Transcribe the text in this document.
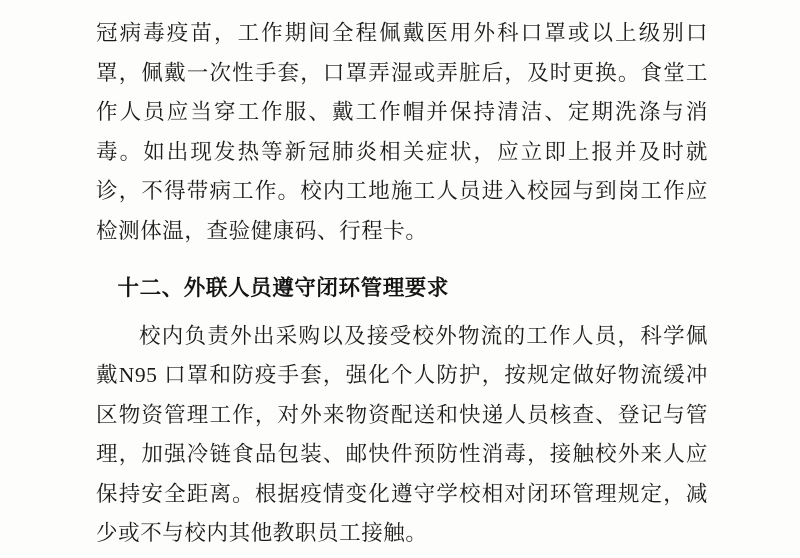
冠病毒疫苗，工作期间全程佩戴医用外科口罩或以上级别口罩，佩戴一次性手套，口罩弄湿或弄脏后，及时更换。食堂工作人员应当穿工作服、戴工作帽并保持清洁、定期洗涤与消毒。如出现发热等新冠肺炎相关症状，应立即上报并及时就诊，不得带病工作。校内工地施工人员进入校园与到岗工作应检测体温，查验健康码、行程卡。

十二、外联人员遵守闭环管理要求

校内负责外出采购以及接受校外物流的工作人员，科学佩戴N95 口罩和防疫手套，强化个人防护，按规定做好物流缓冲区物资管理工作，对外来物资配送和快递人员核查、登记与管理，加强冷链食品包装、邮快件预防性消毒，接触校外来人应保持安全距离。根据疫情变化遵守学校相对闭环管理规定，减少或不与校内其他教职员工接触。
